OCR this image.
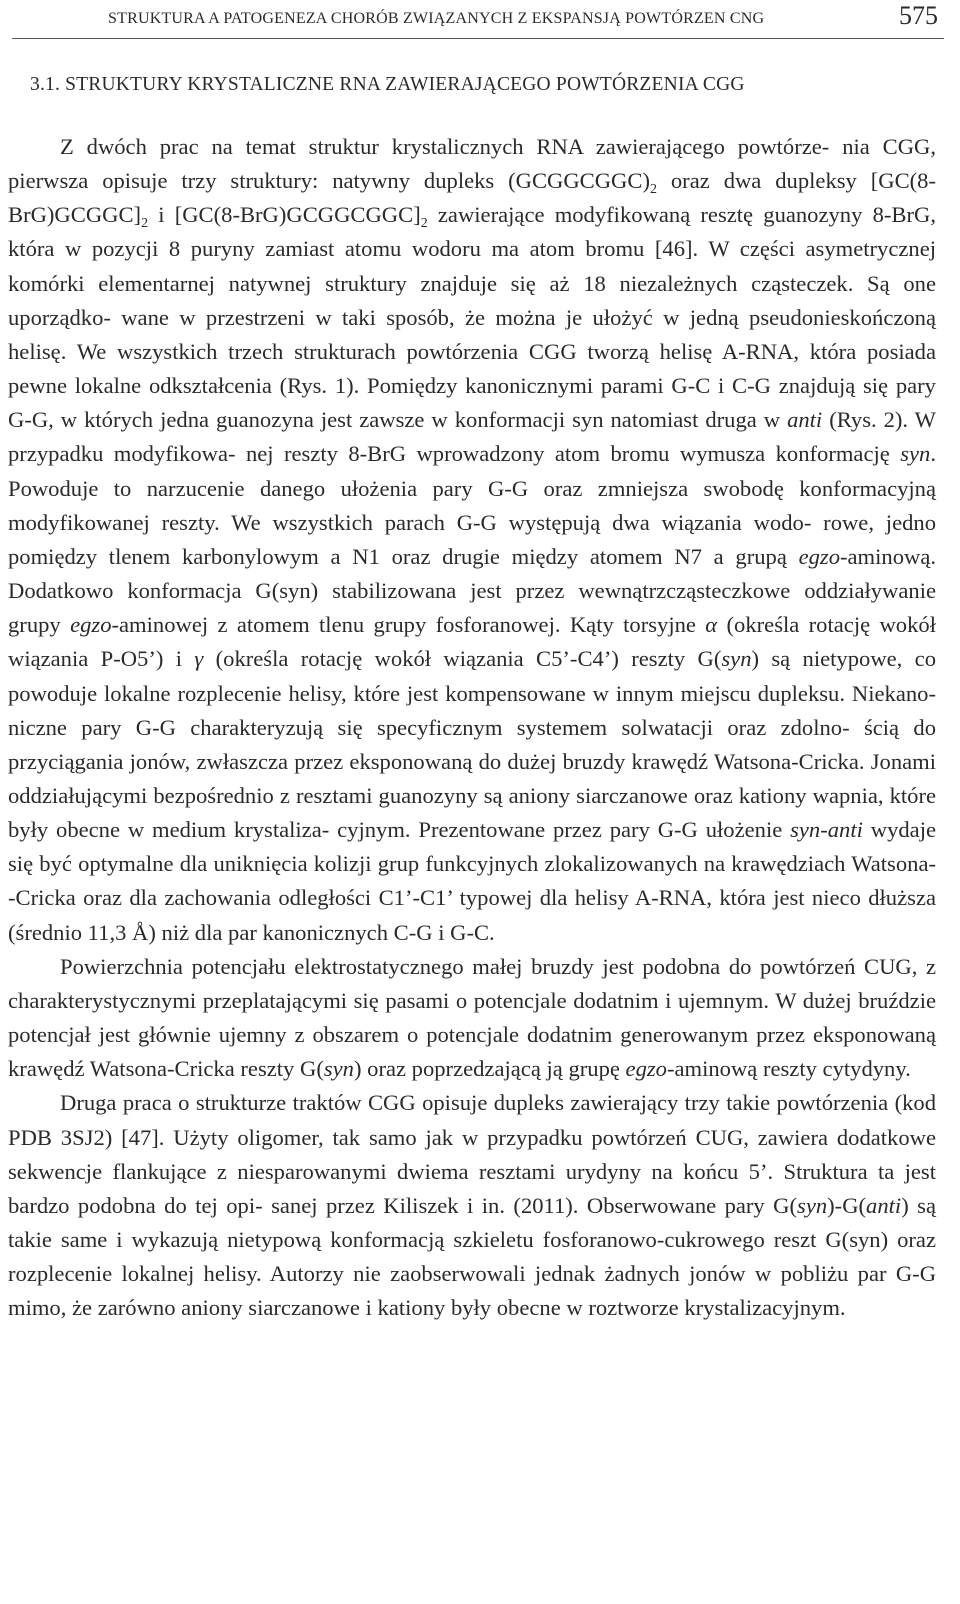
STRUKTURA A PATOGENEZA CHORÓB ZWIĄZANYCH Z EKSPANSJĄ POWTÓRZEN CNG	575
3.1. STRUKTURY KRYSTALICZNE RNA ZAWIERAJĄCEGO POWTÓRZENIA CGG

Z dwóch prac na temat struktur krystalicznych RNA zawierającego powtórze- nia CGG, pierwsza opisuje trzy struktury: natywny dupleks $(GCGGCGGC)_2$ oraz dwa dupleksy $[GC(8-BrG)GCGGC]_2$ i $[GC(8-BrG)GCGGCGGC]_2$ zawierające modyfikowaną resztę guanozyny 8-BrG, która w pozycji 8 puryny zamiast atomu wodoru ma atom bromu [46]. W części asymetrycznej komórki elementarnej natywnej struktury znajduje się aż 18 niezależnych cząsteczek. Są one uporządko- wane w przestrzeni w taki sposób, że można je ułożyć w jedną pseudonieskończoną helisę. We wszystkich trzech strukturach powtórzenia CGG tworzą helisę A-RNA, która posiada pewne lokalne odkształcenia (Rys. 1). Pomiędzy kanonicznymi parami G-C i C-G znajdują się pary G-G, w których jedna guanozyna jest zawsze w konformacji syn natomiast druga w anti (Rys. 2). W przypadku modyfikowa- nej reszty 8-BrG wprowadzony atom bromu wymusza konformację syn. Powoduje to narzucenie danego ułożenia pary G-G oraz zmniejsza swobodę konformacyjną modyfikowanej reszty. We wszystkich parach G-G występują dwa wiązania wodo- rowe, jedno pomiędzy tlenem karbonylowym a N1 oraz drugie między atomem N7 a grupą egzo-aminową. Dodatkowo konformacja G(syn) stabilizowana jest przez wewnątrzcząsteczkowe oddziaływanie grupy egzo-aminowej z atomem tlenu grupy fosforanowej. Kąty torsyjne α (określa rotację wokół wiązania P-O5’) i γ (określa rotację wokół wiązania C5’-C4’) reszty G(syn) są nietypowe, co powoduje lokalne rozplecenie helisy, które jest kompensowane w innym miejscu dupleksu. Niekano- niczne pary G-G charakteryzują się specyficznym systemem solwatacji oraz zdolno- ścią do przyciągania jonów, zwłaszcza przez eksponowaną do dużej bruzdy krawędź Watsona-Cricka. Jonami oddziałującymi bezpośrednio z resztami guanozyny są aniony siarczanowe oraz kationy wapnia, które były obecne w medium krystaliza- cyjnym. Prezentowane przez pary G-G ułożenie syn-anti wydaje się być optymalne dla uniknięcia kolizji grup funkcyjnych zlokalizowanych na krawędziach Watsona- -Cricka oraz dla zachowania odległości C1’-C1’ typowej dla helisy A-RNA, która jest nieco dłuższa (średnio 11,3 Å) niż dla par kanonicznych C-G i G-C.

Powierzchnia potencjału elektrostatycznego małej bruzdy jest podobna do powtórzeń CUG, z charakterystycznymi przeplatającymi się pasami o potencjale dodatnim i ujemnym. W dużej bruździe potencjał jest głównie ujemny z obszarem o potencjale dodatnim generowanym przez eksponowaną krawędź Watsona-Cricka reszty G(syn) oraz poprzedzającą ją grupę egzo-aminową reszty cytydyny.

Druga praca o strukturze traktów CGG opisuje dupleks zawierający trzy takie powtórzenia (kod PDB 3SJ2) [47]. Użyty oligomer, tak samo jak w przypadku powtórzeń CUG, zawiera dodatkowe sekwencje flankujące z niesparowanymi dwiema resztami urydyny na końcu 5’. Struktura ta jest bardzo podobna do tej opi- sanej przez Kiliszek i in. (2011). Obserwowane pary G(syn)-G(anti) są takie same i wykazują nietypową konformacją szkieletu fosforanowo-cukrowego reszt G(syn) oraz rozplecenie lokalnej helisy. Autorzy nie zaobserwowali jednak żadnych jonów w pobliżu par G-G mimo, że zarówno aniony siarczanowe i kationy były obecne w roztworze krystalizacyjnym.
